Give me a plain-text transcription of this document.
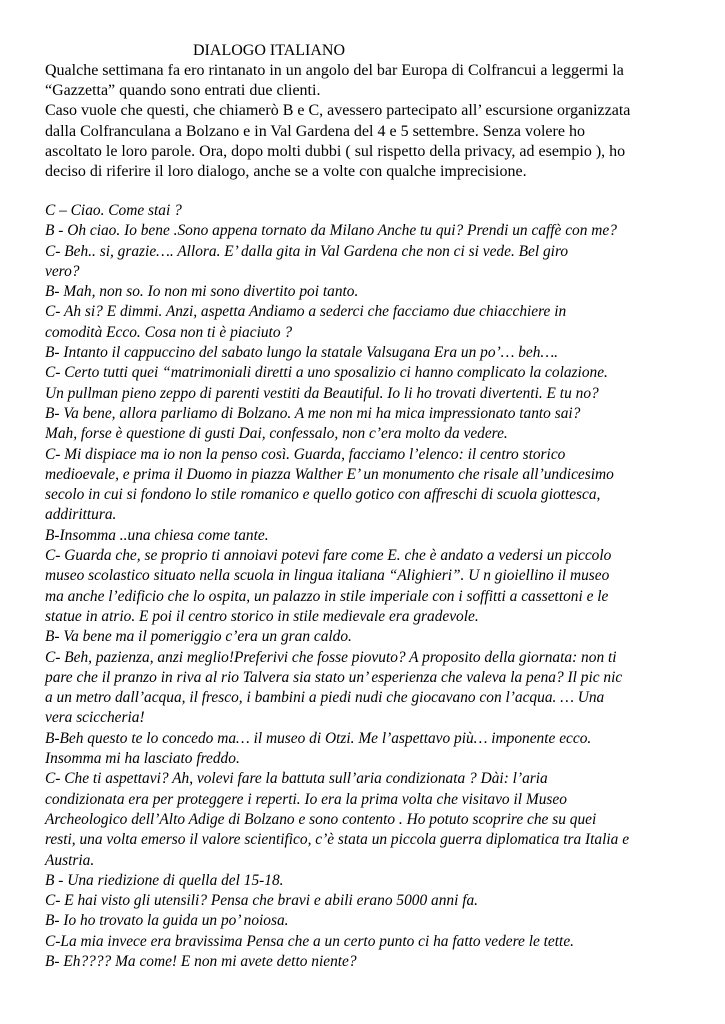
DIALOGO ITALIANO
Qualche settimana fa ero rintanato in un angolo del bar Europa di Colfrancui a leggermi la
“Gazzetta” quando sono entrati due clienti.
Caso vuole che questi, che chiamerò B e C, avessero partecipato all’ escursione organizzata
dalla Colfranculana a Bolzano e in Val Gardena del 4 e 5 settembre. Senza volere ho
ascoltato le loro parole. Ora, dopo molti dubbi ( sul rispetto della privacy, ad esempio ), ho
deciso di riferire il loro dialogo, anche se a volte con qualche imprecisione.
C – Ciao. Come stai ?
B - Oh ciao. Io bene .Sono appena tornato da Milano Anche tu qui? Prendi un caffè con me?
C- Beh.. si, grazie…. Allora. E’ dalla gita in Val Gardena che non ci si vede. Bel giro
vero?
B- Mah, non so. Io non mi sono divertito poi tanto.
C- Ah si? E dimmi. Anzi, aspetta Andiamo a sederci che facciamo due chiacchiere in
comodità Ecco. Cosa non ti è piaciuto ?
B- Intanto il cappuccino del sabato lungo la statale Valsugana Era un po’… beh….
C- Certo tutti quei “matrimoniali diretti a uno sposalizio ci hanno complicato la colazione.
Un pullman pieno zeppo di parenti vestiti da Beautiful. Io li ho trovati divertenti. E tu no?
B- Va bene, allora parliamo di Bolzano. A me non mi ha mica impressionato tanto sai?
Mah, forse è questione di gusti Dai, confessalo, non c’era molto da vedere.
C- Mi dispiace ma io non la penso così. Guarda, facciamo l’elenco: il centro storico
medioevale, e prima il Duomo in piazza Walther E’ un monumento che risale all’undicesimo
secolo in cui si fondono lo stile romanico e quello gotico con affreschi di scuola giottesca,
addirittura.
B-Insomma ..una chiesa come tante.
C- Guarda che, se proprio ti annoiavi potevi fare come E. che è andato a vedersi un piccolo
museo scolastico situato nella scuola in lingua italiana “Alighieri”. U n gioiellino il museo
ma anche l’edificio che lo ospita, un palazzo in stile imperiale con i soffitti a cassettoni e le
statue in atrio. E poi il centro storico in stile medievale era gradevole.
B- Va bene ma il pomeriggio c’era un gran caldo.
C- Beh, pazienza, anzi meglio!Preferivi che fosse piovuto? A proposito della giornata: non ti
pare che il pranzo in riva al rio Talvera sia stato un’ esperienza che valeva la pena? Il pic nic
a un metro dall’acqua, il fresco, i bambini a piedi nudi che giocavano con l’acqua. … Una
vera sciccheria!
B-Beh questo te lo concedo ma… il museo di Otzi. Me l’aspettavo più… imponente ecco.
Insomma mi ha lasciato freddo.
C- Che ti aspettavi? Ah, volevi fare la battuta sull’aria condizionata ? Dài: l’aria
condizionata era per proteggere i reperti. Io era la prima volta che visitavo il Museo
Archeologico dell’Alto Adige di Bolzano e sono contento . Ho potuto scoprire che su quei
resti, una volta emerso il valore scientifico, c’è stata un piccola guerra diplomatica tra Italia e
Austria.
B - Una riedizione di quella del 15-18.
C- E hai visto gli utensili? Pensa che bravi e abili erano 5000 anni fa.
B- Io ho trovato la guida un po’ noiosa.
C-La mia invece era bravissima Pensa che a un certo punto ci ha fatto vedere le tette.
B- Eh???? Ma come! E non mi avete detto niente?
